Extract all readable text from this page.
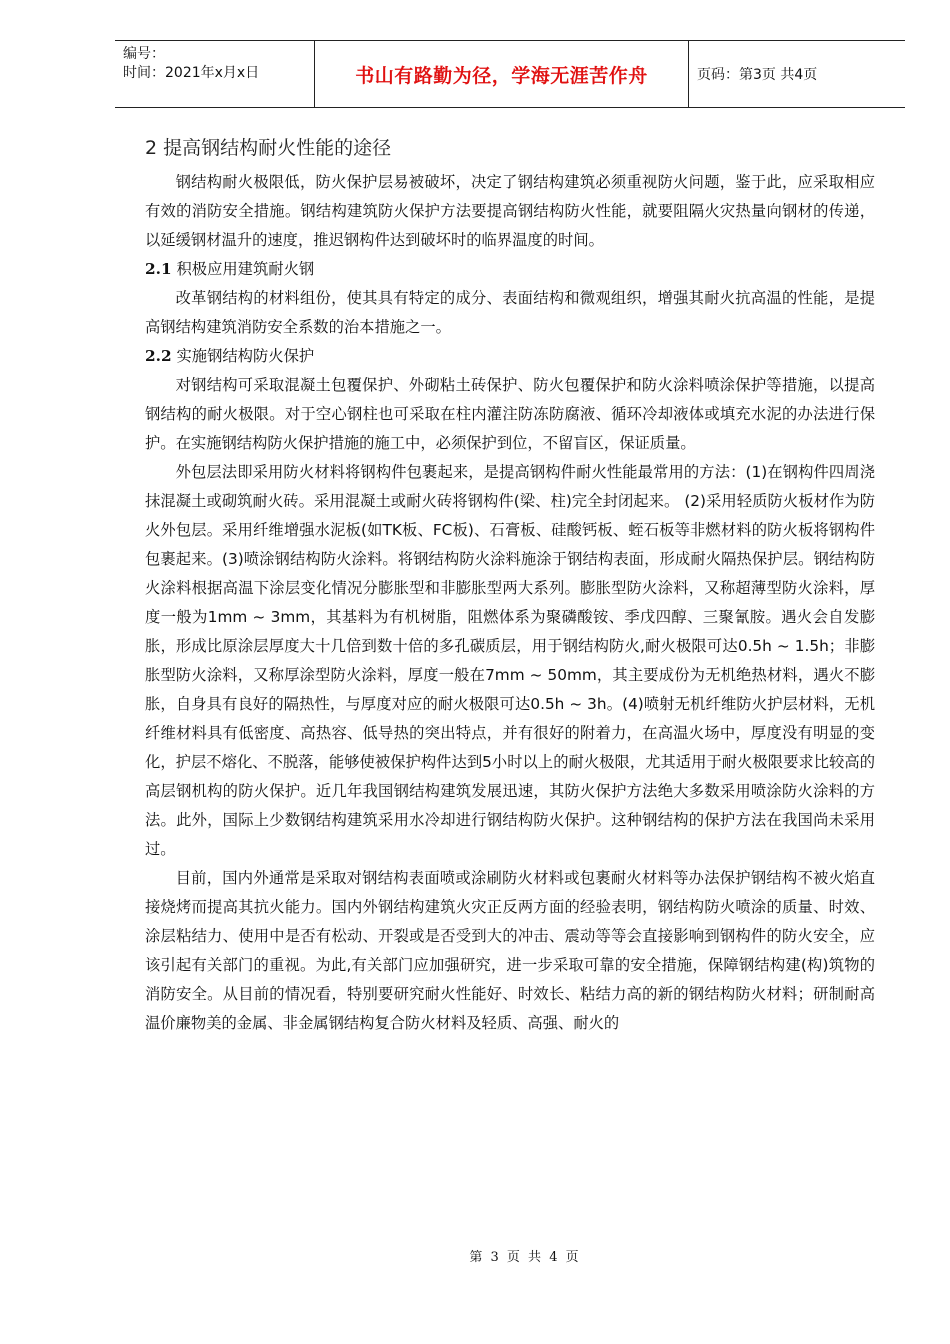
编号：
时间：2021年x月x日	书山有路勤为径，学海无涯苦作舟	页码：第3页 共4页
2 提高钢结构耐火性能的途径

钢结构耐火极限低，防火保护层易被破坏，决定了钢结构建筑必须重视防火问题，鉴于此，应采取相应有效的消防安全措施。钢结构建筑防火保护方法要提高钢结构防火性能，就要阻隔火灾热量向钢材的传递，以延缓钢材温升的速度，推迟钢构件达到破坏时的临界温度的时间。

2.1 积极应用建筑耐火钢

改革钢结构的材料组份，使其具有特定的成分、表面结构和微观组织，增强其耐火抗高温的性能，是提高钢结构建筑消防安全系数的治本措施之一。

2.2 实施钢结构防火保护

对钢结构可采取混凝土包覆保护、外砌粘土砖保护、防火包覆保护和防火涂料喷涂保护等措施，以提高钢结构的耐火极限。对于空心钢柱也可采取在柱内灌注防冻防腐液、循环冷却液体或填充水泥的办法进行保护。在实施钢结构防火保护措施的施工中，必须保护到位，不留盲区，保证质量。

外包层法即采用防火材料将钢构件包裹起来，是提高钢构件耐火性能最常用的方法：(1)在钢构件四周浇抹混凝土或砌筑耐火砖。采用混凝土或耐火砖将钢构件(梁、柱)完全封闭起来。 (2)采用轻质防火板材作为防火外包层。采用纤维增强水泥板(如TK板、FC板)、石膏板、硅酸钙板、蛭石板等非燃材料的防火板将钢构件包裹起来。(3)喷涂钢结构防火涂料。将钢结构防火涂料施涂于钢结构表面，形成耐火隔热保护层。钢结构防火涂料根据高温下涂层变化情况分膨胀型和非膨胀型两大系列。膨胀型防火涂料，又称超薄型防火涂料，厚度一般为1mm ~ 3mm，其基料为有机树脂，阻燃体系为聚磷酸铵、季戊四醇、三聚氰胺。遇火会自发膨胀，形成比原涂层厚度大十几倍到数十倍的多孔碳质层，用于钢结构防火,耐火极限可达0.5h ~ 1.5h；非膨胀型防火涂料，又称厚涂型防火涂料，厚度一般在7mm ~ 50mm，其主要成份为无机绝热材料，遇火不膨胀，自身具有良好的隔热性，与厚度对应的耐火极限可达0.5h ~ 3h。(4)喷射无机纤维防火护层材料，无机纤维材料具有低密度、高热容、低导热的突出特点，并有很好的附着力，在高温火场中，厚度没有明显的变化，护层不熔化、不脱落，能够使被保护构件达到5小时以上的耐火极限，尤其适用于耐火极限要求比较高的高层钢机构的防火保护。近几年我国钢结构建筑发展迅速，其防火保护方法绝大多数采用喷涂防火涂料的方法。此外，国际上少数钢结构建筑采用水冷却进行钢结构防火保护。这种钢结构的保护方法在我国尚未采用过。

目前，国内外通常是采取对钢结构表面喷或涂刷防火材料或包裹耐火材料等办法保护钢结构不被火焰直接烧烤而提高其抗火能力。国内外钢结构建筑火灾正反两方面的经验表明，钢结构防火喷涂的质量、时效、涂层粘结力、使用中是否有松动、开裂或是否受到大的冲击、震动等等会直接影响到钢构件的防火安全，应该引起有关部门的重视。为此,有关部门应加强研究，进一步采取可靠的安全措施，保障钢结构建(构)筑物的消防安全。从目前的情况看，特别要研究耐火性能好、时效长、粘结力高的新的钢结构防火材料；研制耐高温价廉物美的金属、非金属钢结构复合防火材料及轻质、高强、耐火的

第 3 页 共 4 页
